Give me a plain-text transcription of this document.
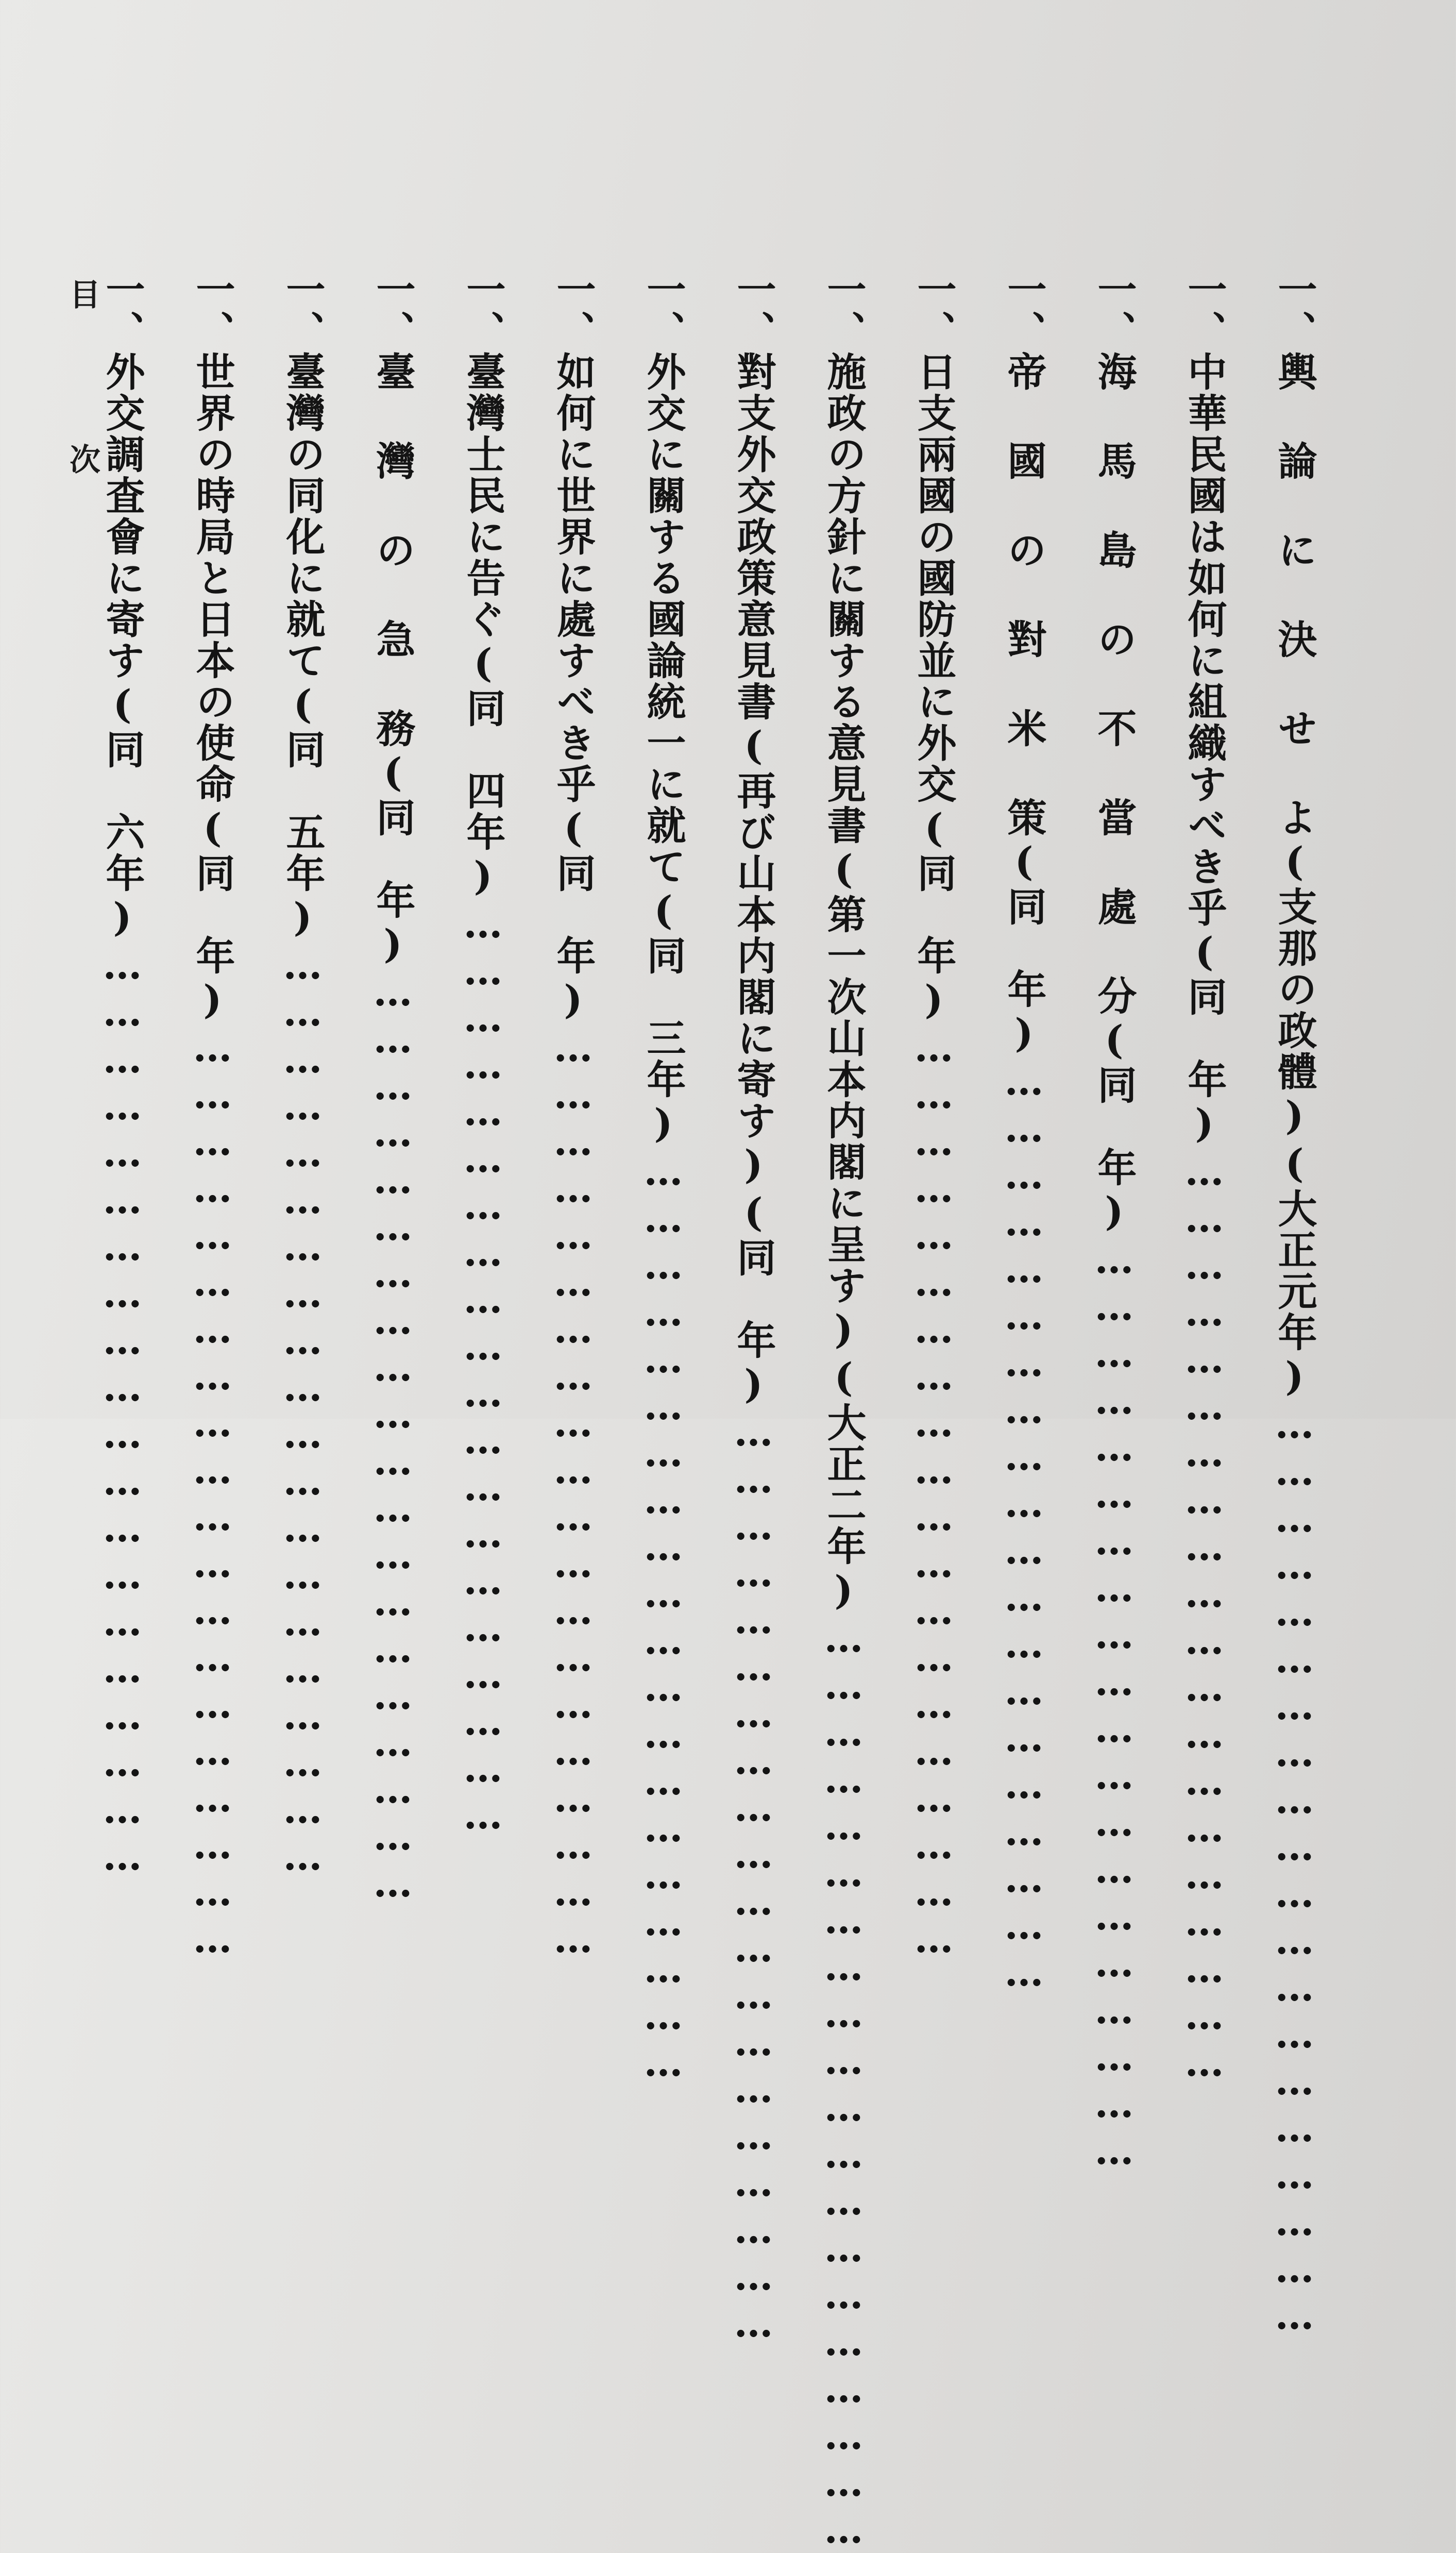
一、輿 論 に 決 せ よ(支那の政體)(大正元年)……………………………………………………

一、中華民國は如何に組織すべき乎(同　年)……………………………………………………

一、海 馬 島 の 不 當 處 分(同　年)……………………………………………………

一、帝 國 の 對 米 策(同　年)……………………………………………………

一、日支兩國の國防並に外交(同　年)……………………………………………………

一、施政の方針に關する意見書(第一次山本内閣に呈す)(大正二年)……………………………………………………

一、對支外交政策意見書(再び山本内閣に寄す)(同　年)……………………………………………………

一、外交に關する國論統一に就て(同　三年)……………………………………………………

一、如何に世界に處すべき乎(同　年)……………………………………………………

一、臺灣士民に告ぐ(同　四年)……………………………………………………

一、臺 灣 の 急 務(同　年)……………………………………………………

一、臺灣の同化に就て(同　五年)……………………………………………………

一、世界の時局と日本の使命(同　年)……………………………………………………

一、外交調査會に寄す(同　六年)……………………………………………………

目次
